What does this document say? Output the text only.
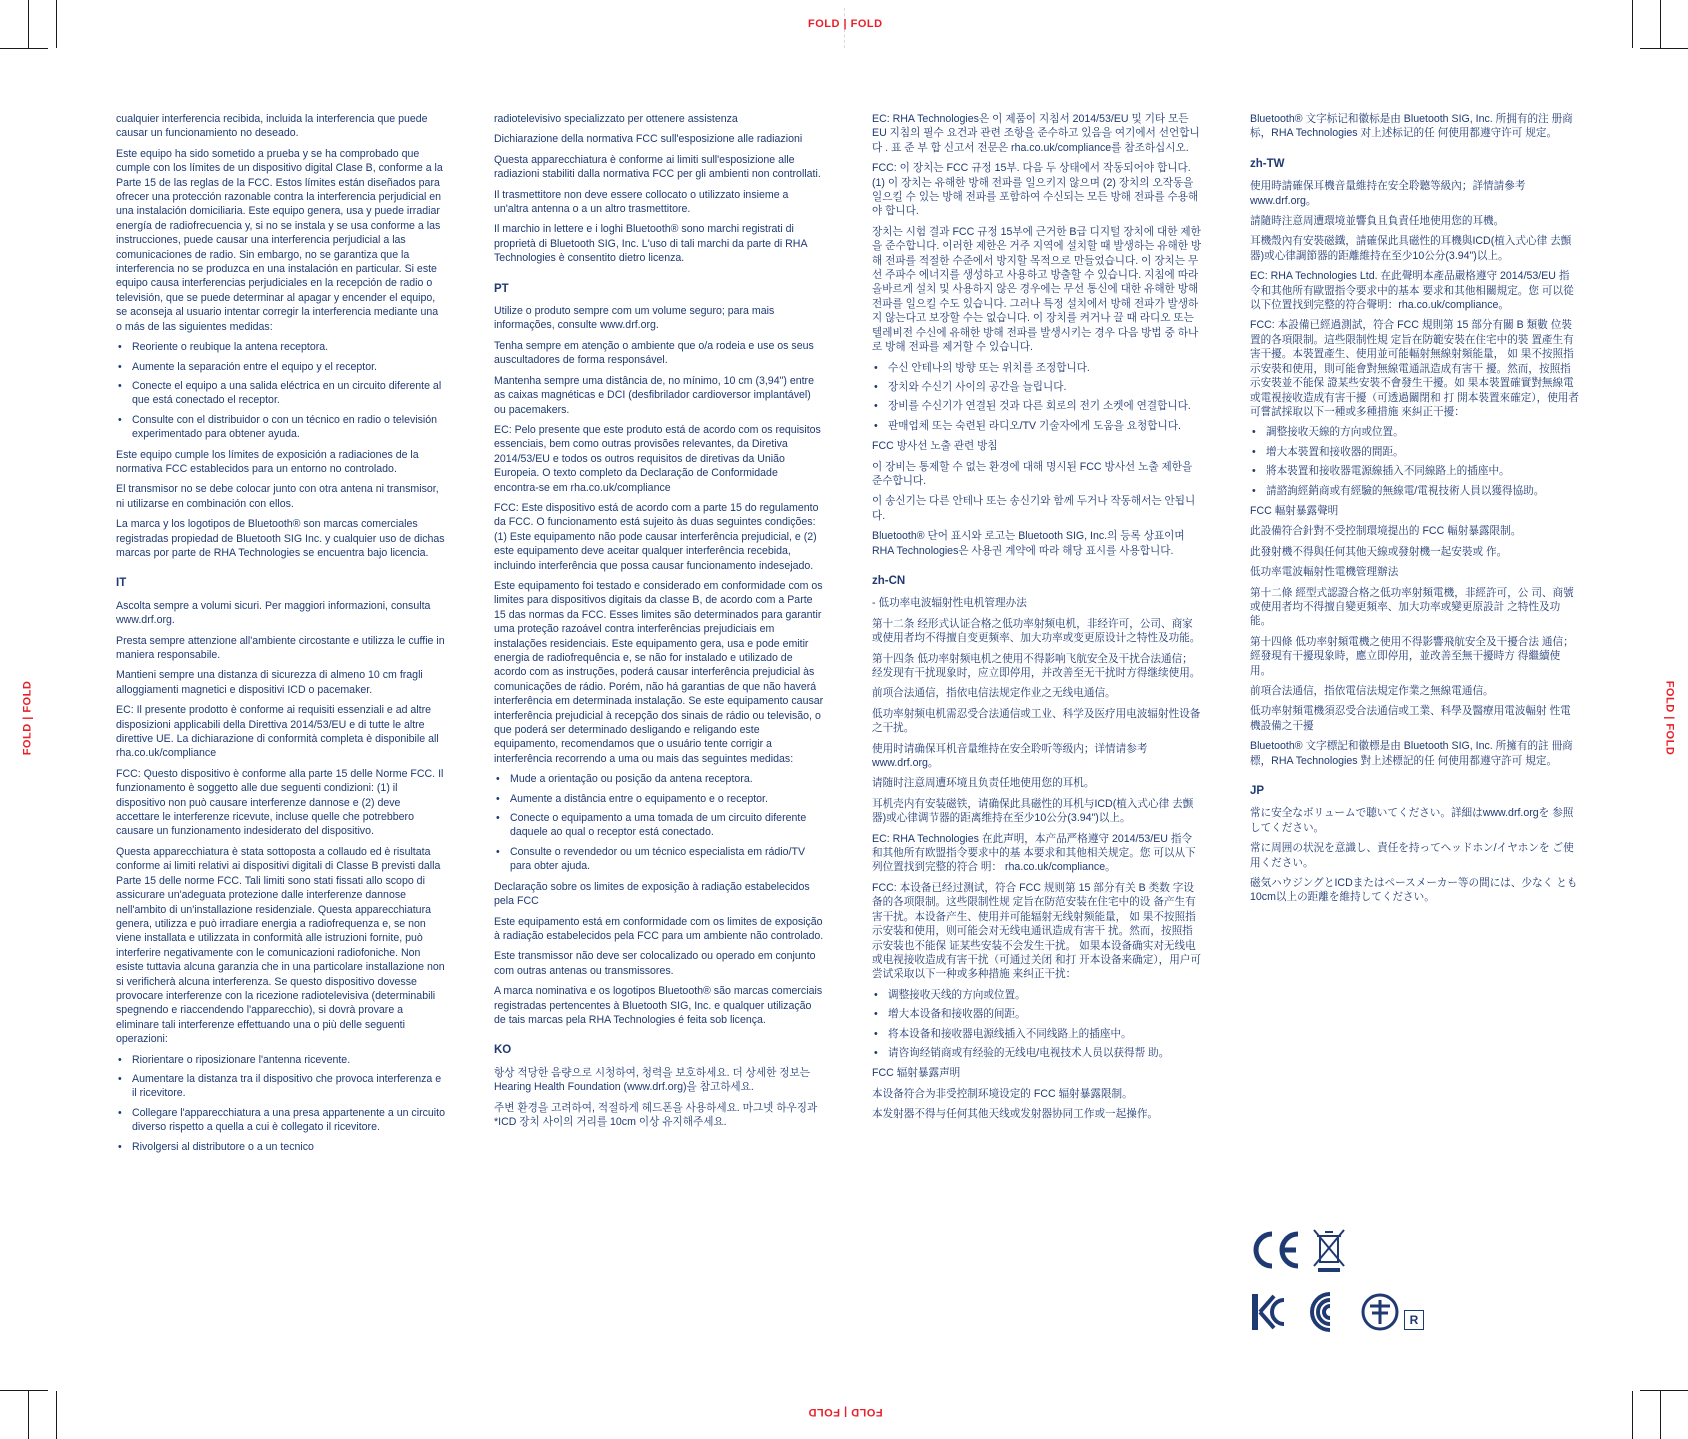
FOLD | FOLD
FOLD | FOLD
FOLD | FOLD	FOLD | FOLD

cualquier interferencia recibida, incluida la interferencia que puede causar un funcionamiento no deseado.

Este equipo ha sido sometido a prueba y se ha comprobado que cumple con los límites de un dispositivo digital Clase B, conforme a la Parte 15 de las reglas de la FCC. Estos límites están diseñados para ofrecer una protección razonable contra la interferencia perjudicial en una instalación domiciliaria. Este equipo genera, usa y puede irradiar energía de radiofrecuencia y, si no se instala y se usa conforme a las instrucciones, puede causar una interferencia perjudicial a las comunicaciones de radio. Sin embargo, no se garantiza que la interferencia no se produzca en una instalación en particular. Si este equipo causa interferencias perjudiciales en la recepción de radio o televisión, que se puede determinar al apagar y encender el equipo, se aconseja al usuario intentar corregir la interferencia mediante una o más de las siguientes medidas:

• Reoriente o reubique la antena receptora.
• Aumente la separación entre el equipo y el receptor.
• Conecte el equipo a una salida eléctrica en un circuito diferente al que está conectado el receptor.
• Consulte con el distribuidor o con un técnico en radio o televisión experimentado para obtener ayuda.

Este equipo cumple los límites de exposición a radiaciones de la normativa FCC establecidos para un entorno no controlado.

El transmisor no se debe colocar junto con otra antena ni transmisor, ni utilizarse en combinación con ellos.

La marca y los logotipos de Bluetooth® son marcas comerciales registradas propiedad de Bluetooth SIG Inc. y cualquier uso de dichas marcas por parte de RHA Technologies se encuentra bajo licencia.

IT

Ascolta sempre a volumi sicuri. Per maggiori informazioni, consulta www.drf.org.

Presta sempre attenzione all'ambiente circostante e utilizza le cuffie in maniera responsabile.

Mantieni sempre una distanza di sicurezza di almeno 10 cm fragli alloggiamenti magnetici e dispositivi ICD o pacemaker.

EC: Il presente prodotto è conforme ai requisiti essenziali e ad altre disposizioni applicabili della Direttiva 2014/53/EU e di tutte le altre direttive UE. La dichiarazione di conformità completa è disponibile all rha.co.uk/compliance

FCC: Questo dispositivo è conforme alla parte 15 delle Norme FCC. Il funzionamento è soggetto alle due seguenti condizioni: (1) il dispositivo non può causare interferenze dannose e (2) deve accettare le interferenze ricevute, incluse quelle che potrebbero causare un funzionamento indesiderato del dispositivo.

Questa apparecchiatura è stata sottoposta a collaudo ed è risultata conforme ai limiti relativi ai dispositivi digitali di Classe B previsti dalla Parte 15 delle norme FCC. Tali limiti sono stati fissati allo scopo di assicurare un'adeguata protezione dalle interferenze dannose nell'ambito di un'installazione residenziale. Questa apparecchiatura genera, utilizza e può irradiare energia a radiofrequenza e, se non viene installata e utilizzata in conformità alle istruzioni fornite, può interferire negativamente con le comunicazioni radiofoniche. Non esiste tuttavia alcuna garanzia che in una particolare installazione non si verificherà alcuna interferenza. Se questo dispositivo dovesse provocare interferenze con la ricezione radiotelevisiva (determinabili spegnendo e riaccendendo l'apparecchio), si dovrà provare a eliminare tali interferenze effettuando una o più delle seguenti operazioni:

• Riorientare o riposizionare l'antenna ricevente.
• Aumentare la distanza tra il dispositivo che provoca interferenza e il ricevitore.
• Collegare l'apparecchiatura a una presa appartenente a un circuito diverso rispetto a quella a cui è collegato il ricevitore.
• Rivolgersi al distributore o a un tecnico

radiotelevisivo specializzato per ottenere assistenza

Dichiarazione della normativa FCC sull'esposizione alle radiazioni

Questa apparecchiatura è conforme ai limiti sull'esposizione alle radiazioni stabiliti dalla normativa FCC per gli ambienti non controllati.

Il trasmettitore non deve essere collocato o utilizzato insieme a un'altra antenna o a un altro trasmettitore.

Il marchio in lettere e i loghi Bluetooth® sono marchi registrati di proprietà di Bluetooth SIG, Inc. L'uso di tali marchi da parte di RHA Technologies è consentito dietro licenza.

PT

Utilize o produto sempre com um volume seguro; para mais informações, consulte www.drf.org.

Tenha sempre em atenção o ambiente que o/a rodeia e use os seus auscultadores de forma responsável.

Mantenha sempre uma distância de, no mínimo, 10 cm (3,94") entre as caixas magnéticas e DCI (desfibrilador cardioversor implantável) ou pacemakers.

EC: Pelo presente que este produto está de acordo com os requisitos essenciais, bem como outras provisões relevantes, da Diretiva 2014/53/EU e todos os outros requisitos de diretivas da União Europeia. O texto completo da Declaração de Conformidade encontra-se em rha.co.uk/compliance

FCC: Este dispositivo está de acordo com a parte 15 do regulamento da FCC. O funcionamento está sujeito às duas seguintes condições: (1) Este equipamento não pode causar interferência prejudicial, e (2) este equipamento deve aceitar qualquer interferência recebida, incluindo interferência que possa causar funcionamento indesejado.

Este equipamento foi testado e considerado em conformidade com os limites para dispositivos digitais da classe B, de acordo com a Parte 15 das normas da FCC. Esses limites são determinados para garantir uma proteção razoável contra interferências prejudiciais em instalações residenciais. Este equipamento gera, usa e pode emitir energia de radiofrequência e, se não for instalado e utilizado de acordo com as instruções, poderá causar interferência prejudicial às comunicações de rádio. Porém, não há garantias de que não haverá interferência em determinada instalação. Se este equipamento causar interferência prejudicial à recepção dos sinais de rádio ou televisão, o que poderá ser determinado desligando e religando este equipamento, recomendamos que o usuário tente corrigir a interferência recorrendo a uma ou mais das seguintes medidas:

• Mude a orientação ou posição da antena receptora.
• Aumente a distância entre o equipamento e o receptor.
• Conecte o equipamento a uma tomada de um circuito diferente daquele ao qual o receptor está conectado.
• Consulte o revendedor ou um técnico especialista em rádio/TV para obter ajuda.

Declaração sobre os limites de exposição à radiação estabelecidos pela FCC

Este equipamento está em conformidade com os limites de exposição à radiação estabelecidos pela FCC para um ambiente não controlado.

Este transmissor não deve ser colocalizado ou operado em conjunto com outras antenas ou transmissores.

A marca nominativa e os logotipos Bluetooth® são marcas comerciais registradas pertencentes à Bluetooth SIG, Inc. e qualquer utilização de tais marcas pela RHA Technologies é feita sob licença.

KO

항상 적당한 음량으로 시청하여, 청력을 보호하세요. 더 상세한 정보는 Hearing Health Foundation (www.drf.org)을 참고하세요.

주변 환경을 고려하여, 적절하게 헤드폰을 사용하세요. 마그넷 하우징과 *ICD 장치 사이의 거리를 10cm 이상 유지해주세요.

EC: RHA Technologies은 이 제품이 지침서 2014/53/EU 및 기타 모든 EU 지침의 필수 요건과 관련 조항을 준수하고 있음을 여기에서 선언합니다 . 표 준 부 합 신고서 전문은 rha.co.uk/compliance를 참조하십시오.

FCC: 이 장치는 FCC 규정 15부. 다음 두 상태에서 작동되어야 합니다. (1) 이 장치는 유해한 방해 전파를 일으키지 않으며 (2) 장치의 오작동을 일으킬 수 있는 방해 전파를 포함하여 수신되는 모든 방해 전파를 수용해야 합니다.

장치는 시험 결과 FCC 규정 15부에 근거한 B급 디지털 장치에 대한 제한을 준수합니다. 이러한 제한은 거주 지역에 설치할 때 발생하는 유해한 방해 전파를 적절한 수준에서 방지할 목적으로 만들었습니다. 이 장치는 무선 주파수 에너지를 생성하고 사용하고 방출할 수 있습니다. 지침에 따라 올바르게 설치 및 사용하지 않은 경우에는 무선 통신에 대한 유해한 방해 전파를 일으킬 수도 있습니다. 그러나 특정 설치에서 방해 전파가 발생하지 않는다고 보장할 수는 없습니다. 이 장치를 켜거나 끌 때 라디오 또는 텔레비전 수신에 유해한 방해 전파를 발생시키는 경우 다음 방법 중 하나로 방해 전파를 제거할 수 있습니다.

• 수신 안테나의 방향 또는 위치를 조정합니다.
• 장치와 수신기 사이의 공간을 늘립니다.
• 장비를 수신기가 연결된 것과 다른 회로의 전기 소켓에 연결합니다.
• 판매업체 또는 숙련된 라디오/TV 기술자에게 도움을 요청합니다.

FCC 방사선 노출 관련 방침

이 장비는 통제할 수 없는 환경에 대해 명시된 FCC 방사선 노출 제한을 준수합니다.

이 송신기는 다른 안테나 또는 송신기와 함께 두거나 작동해서는 안됩니다.

Bluetooth® 단어 표시와 로고는 Bluetooth SIG, Inc.의 등록 상표이며 RHA Technologies은 사용권 계약에 따라 해당 표시를 사용합니다.

zh-CN

- 低功率电波辐射性电机管理办法

第十二条 经形式认证合格之低功率射频电机，非经许可，公司、商家或使用者均不得擅自变更频率、加大功率或变更原设计之特性及功能。

第十四条 低功率射频电机之使用不得影响飞航安全及干扰合法通信；经发现有干扰现象时，应立即停用，并改善至无干扰时方得继续使用。

前项合法通信，指依电信法规定作业之无线电通信。

低功率射频电机需忍受合法通信或工业、科学及医疗用电波辐射性设备之干扰。

使用时请确保耳机音量维持在安全聆听等级内；详情请参考 www.drf.org。

请随时注意周遭环境且负责任地使用您的耳机。

耳机壳内有安装磁铁，请确保此具磁性的耳机与ICD(植入式心律 去颤器)或心律调节器的距离维持在至少10公分(3.94")以上。

EC: RHA Technologies 在此声明，本产品严格遵守 2014/53/EU 指令和其他所有欧盟指令要求中的基 本要求和其他相关规定。您 可以从下列位置找到完整的符合 明： rha.co.uk/compliance。

FCC: 本设备已经过测试，符合 FCC 规则第 15 部分有关 B 类数 字设备的各项限制。这些限制性规 定旨在防范安装在住宅中的设 备产生有害干扰。本设备产生、使用并可能辐射无线射频能量， 如 果不按照指示安装和使用，则可能会对无线电通讯造成有害干 扰。然而，按照指示安装也不能保 证某些安装不会发生干扰。 如果本设备确实对无线电或电视接收造成有害干扰（可通过关闭 和打 开本设备来确定），用户可尝试采取以下一种或多种措施 来纠正干扰：

• 调整接收天线的方向或位置。
• 增大本设备和接收器的间距。
• 将本设备和接收器电源线插入不同线路上的插座中。
• 请咨询经销商或有经验的无线电/电视技术人员以获得帮 助。

FCC 辐射暴露声明

本设备符合为非受控制环境设定的 FCC 辐射暴露限制。

本发射器不得与任何其他天线或发射器协同工作或一起操作。

Bluetooth® 文字标记和徽标是由 Bluetooth SIG, Inc. 所拥有的注 册商标，RHA Technologies 对上述标记的任 何使用都遵守许可 规定。

zh-TW

使用時請確保耳機音量維持在安全聆聽等級內；詳情請參考 www.drf.org。

請隨時注意周遭環境並響負且負責任地使用您的耳機。

耳機殼內有安裝磁鐵，請確保此具磁性的耳機與ICD(植入式心律 去顫器)或心律調節器的距離維持在至少10公分(3.94")以上。

EC: RHA Technologies Ltd. 在此聲明本產品嚴格遵守 2014/53/EU 指令和其他所有歐盟指令要求中的基本 要求和其他相關規定。您 可以從以下位置找到完整的符合聲明：rha.co.uk/compliance。

FCC: 本設備已經過測試，符合 FCC 規則第 15 部分有關 B 類數 位裝置的各項限制。這些限制性規 定旨在防範安裝在住宅中的裝 置產生有害干擾。本裝置產生、使用並可能輻射無線射頻能量， 如 果不按照指示安裝和使用，則可能會對無線電通訊造成有害干 擾。然而，按照指示安裝並不能保 證某些安裝不會發生干擾。如 果本裝置確實對無線電或電視接收造成有害干擾（可透過關閉和 打 開本裝置來確定），使用者可嘗試採取以下一種或多種措施 來糾正干擾：

• 調整接收天線的方向或位置。
• 增大本裝置和接收器的間距。
• 將本裝置和接收器電源線插入不同線路上的插座中。
• 請諮詢經銷商或有經驗的無線電/電視技術人員以獲得協助。

FCC 輻射暴露聲明

此設備符合針對不受控制環境提出的 FCC 輻射暴露限制。

此發射機不得與任何其他天線或發射機一起安裝或 作。

低功率電波輻射性電機管理辦法

第十二條 經型式認證合格之低功率射頻電機，非經許可，公 司、商號或使用者均不得擅自變更頻率、加大功率或變更原設計 之特性及功能。

第十四條 低功率射頻電機之使用不得影響飛航安全及干擾合法 通信；經發現有干擾現象時，應立即停用，並改善至無干擾時方 得繼續使用。

前項合法通信，指依電信法規定作業之無線電通信。

低功率射頻電機須忍受合法通信或工業、科學及醫療用電波輻射 性電機設備之干擾

Bluetooth® 文字標記和徽標是由 Bluetooth SIG, Inc. 所擁有的註 冊商標，RHA Technologies 對上述標記的任 何使用都遵守許可 規定。

JP

常に安全なボリュームで聴いてください。詳細はwww.drf.orgを 参照してください。

常に周囲の状況を意識し、責任を持ってヘッドホン/イヤホンを ご使用ください。

磁気ハウジングとICDまたはペースメーカー等の間には、少なく とも10cm以上の距離を維持してください。

R
